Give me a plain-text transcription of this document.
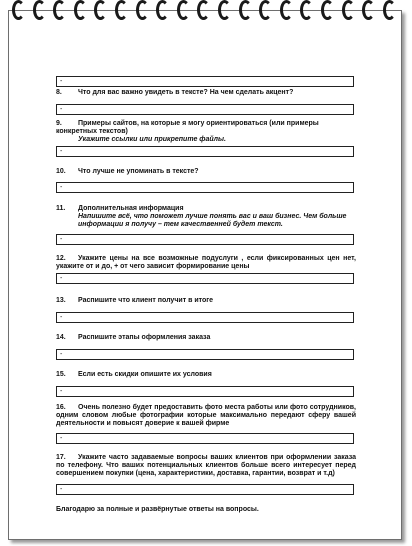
-
8. Что для вас важно увидеть в тексте? На чем сделать акцент?
-
9. Примеры сайтов, на которые я могу ориентироваться (или примеры конкретных текстов)
Укажите ссылки или прикрепите файлы.
-
10. Что лучше не упоминать в тексте?
-
11. Дополнительная информация
Напишите всё, что поможет лучше понять вас и ваш бизнес. Чем больше информации я получу – тем качественней будет текст.
-
12. Укажите цены на все возможные подуслуги , если фиксированных цен нет, укажите от и до, + от чего зависит формирование цены
-
13. Распишите что клиент получит в итоге
-
14. Распишите этапы оформления заказа
-
15. Если есть скидки опишите их условия
-
16. Очень полезно будет предоставить фото места работы или фото сотрудников, одним словом любые фотографии которые максимально передают сферу вашей деятельности и повысят доверие к вашей фирме
-
17. Укажите часто задаваемые вопросы ваших клиентов при оформлении заказа по телефону. Что ваших потенциальных клиентов больше всего интересует перед совершением покупки (цена, характеристики, доставка, гарантии, возврат и т.д)
-
Благодарю за полные и развёрнутые ответы на вопросы.
